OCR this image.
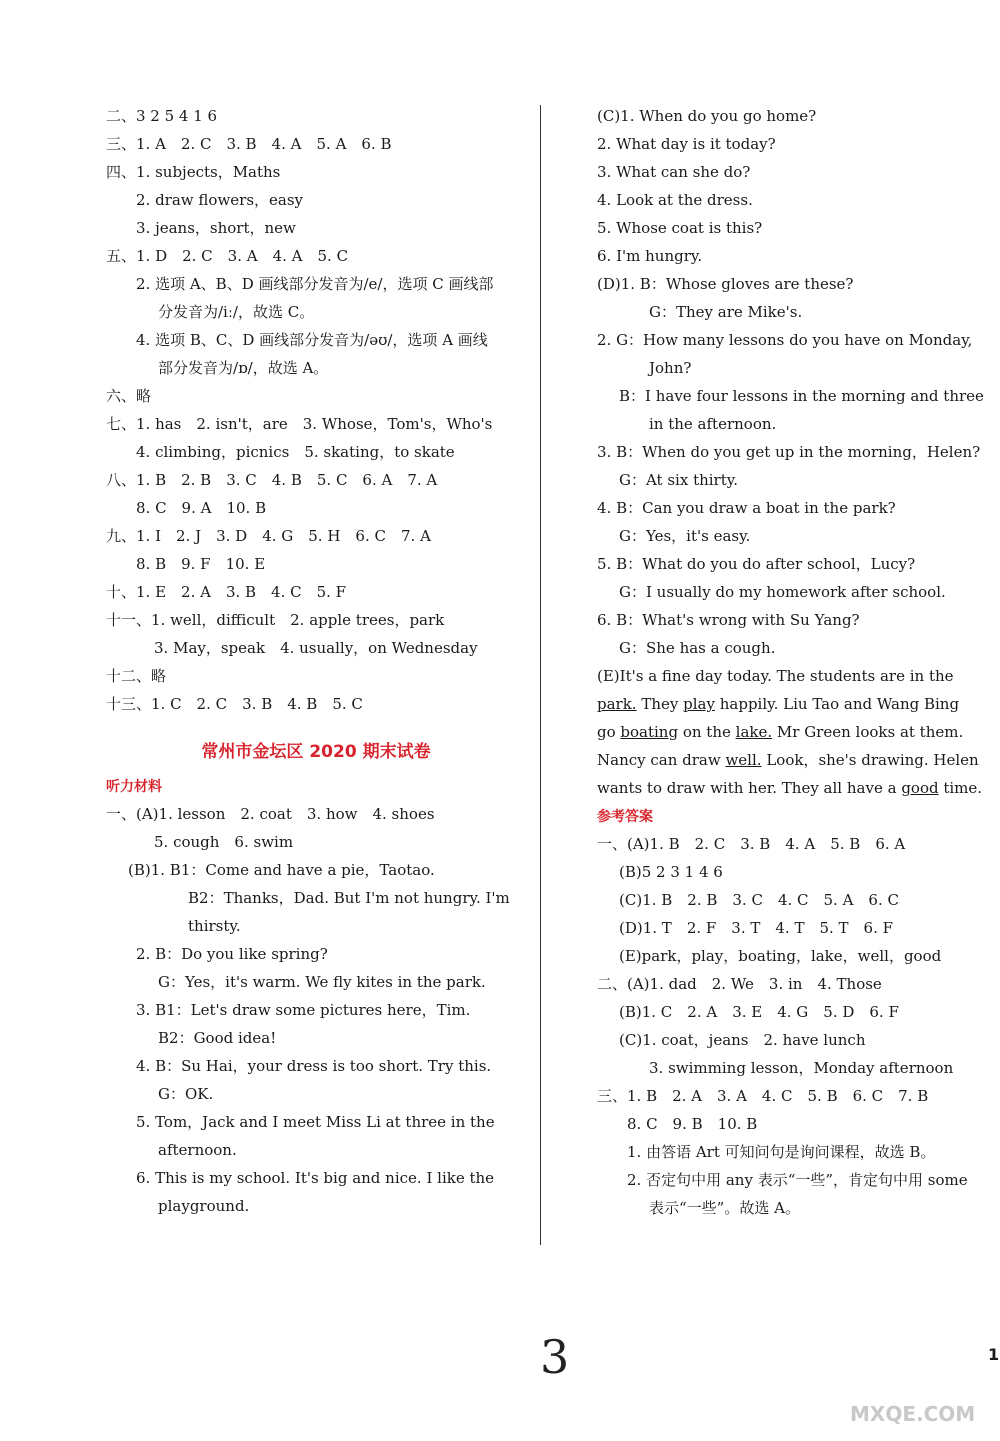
二、3 2 5 4 1 6
三、1. A　2. C　3. B　4. A　5. A　6. B
四、1. subjects，Maths
2. draw flowers，easy
3. jeans，short，new
五、1. D　2. C　3. A　4. A　5. C
2. 选项 A、B、D 画线部分发音为/e/，选项 C 画线部
分发音为/iː/，故选 C。
4. 选项 B、C、D 画线部分发音为/əʊ/，选项 A 画线
部分发音为/ɒ/，故选 A。
六、略
七、1. has　2. isn't，are　3. Whose，Tom's，Who's
4. climbing，picnics　5. skating，to skate
八、1. B　2. B　3. C　4. B　5. C　6. A　7. A
8. C　9. A　10. B
九、1. I　2. J　3. D　4. G　5. H　6. C　7. A
8. B　9. F　10. E
十、1. E　2. A　3. B　4. C　5. F
十一、1. well，difficult　2. apple trees，park
3. May，speak　4. usually，on Wednesday
十二、略
十三、1. C　2. C　3. B　4. B　5. C
常州市金坛区 2020 期末试卷
听力材料
一、(A)1. lesson　2. coat　3. how　4. shoes
5. cough　6. swim
(B)1. B1：Come and have a pie，Taotao.
B2：Thanks，Dad. But I'm not hungry. I'm
thirsty.
2. B：Do you like spring?
G：Yes，it's warm. We fly kites in the park.
3. B1：Let's draw some pictures here，Tim.
B2：Good idea!
4. B：Su Hai，your dress is too short. Try this.
G：OK.
5. Tom，Jack and I meet Miss Li at three in the
afternoon.
6. This is my school. It's big and nice. I like the
playground.
(C)1. When do you go home?
2. What day is it today?
3. What can she do?
4. Look at the dress.
5. Whose coat is this?
6. I'm hungry.
(D)1. B：Whose gloves are these?
G：They are Mike's.
2. G：How many lessons do you have on Monday,
John?
B：I have four lessons in the morning and three
in the afternoon.
3. B：When do you get up in the morning，Helen?
G：At six thirty.
4. B：Can you draw a boat in the park?
G：Yes，it's easy.
5. B：What do you do after school，Lucy?
G：I usually do my homework after school.
6. B：What's wrong with Su Yang?
G：She has a cough.
(E)It's a fine day today. The students are in the
park. They play happily. Liu Tao and Wang Bing
go boating on the lake. Mr Green looks at them.
Nancy can draw well. Look，she's drawing. Helen
wants to draw with her. They all have a good time.
参考答案
一、(A)1. B　2. C　3. B　4. A　5. B　6. A
(B)5 2 3 1 4 6
(C)1. B　2. B　3. C　4. C　5. A　6. C
(D)1. T　2. F　3. T　4. T　5. T　6. F
(E)park，play，boating，lake，well，good
二、(A)1. dad　2. We　3. in　4. Those
(B)1. C　2. A　3. E　4. G　5. D　6. F
(C)1. coat，jeans　2. have lunch
3. swimming lesson，Monday afternoon
三、1. B　2. A　3. A　4. C　5. B　6. C　7. B
8. C　9. B　10. B
1. 由答语 Art 可知问句是询问课程，故选 B。
2. 否定句中用 any 表示“一些”，肯定句中用 some
表示“一些”。故选 A。
3	1
MXQE.COM
